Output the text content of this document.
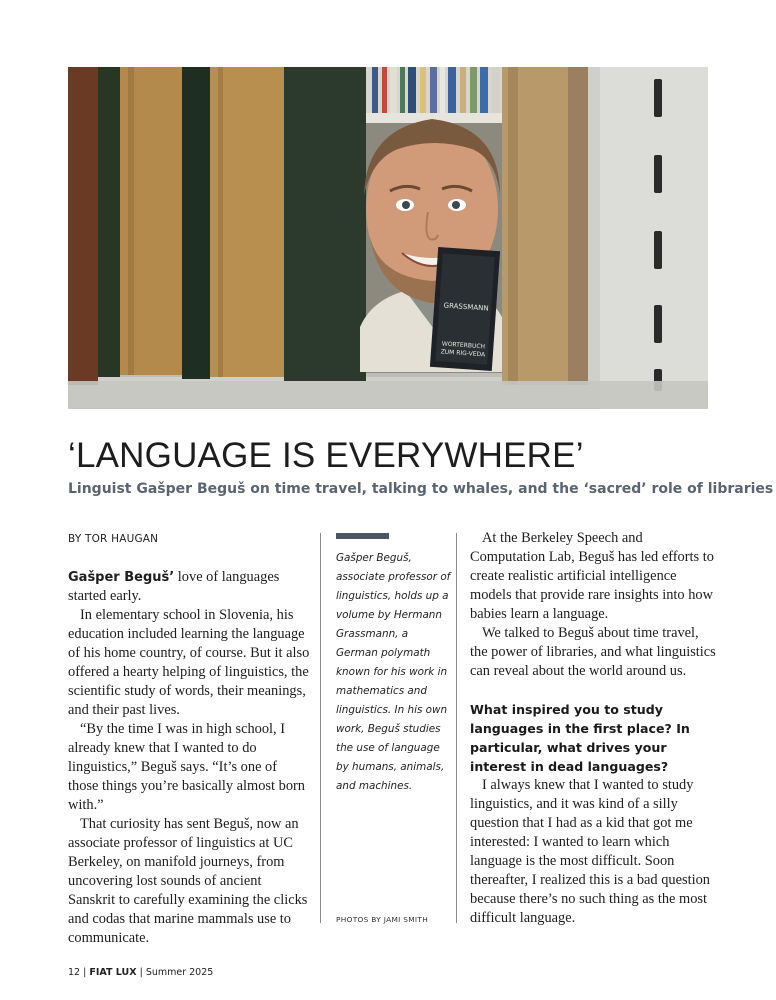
GRASSMANN
WORTERBUCH
ZUM RIG-VEDA
‘LANGUAGE IS EVERYWHERE’

Linguist Gašper Beguš on time travel, talking to whales, and the ‘sacred’ role of libraries

BY TOR HAUGAN

Gašper Beguš’ love of languages started early.

In elementary school in Slovenia, his education included learning the language of his home country, of course. But it also offered a hearty helping of linguistics, the scientific study of words, their meanings, and their past lives.

“By the time I was in high school, I already knew that I wanted to do linguistics,” Beguš says. “It’s one of those things you’re basically almost born with.”

That curiosity has sent Beguš, now an associate professor of linguistics at UC Berkeley, on manifold journeys, from uncovering lost sounds of ancient Sanskrit to carefully examining the clicks and codas that marine mammals use to communicate.

Gašper Beguš, associate professor of linguistics, holds up a volume by Hermann Grassmann, a German polymath known for his work in mathematics and linguistics. In his own work, Beguš studies the use of language by humans, animals, and machines.
PHOTOS BY JAMI SMITH

At the Berkeley Speech and Computation Lab, Beguš has led efforts to create realistic artificial intelligence models that provide rare insights into how babies learn a language.

We talked to Beguš about time travel, the power of libraries, and what linguistics can reveal about the world around us.

What inspired you to study languages in the first place? In particular, what drives your interest in dead languages?

I always knew that I wanted to study linguistics, and it was kind of a silly question that I had as a kid that got me interested: I wanted to learn which language is the most difficult. Soon thereafter, I realized this is a bad question because there’s no such thing as the most difficult language.

12 | FIAT LUX | Summer 2025
